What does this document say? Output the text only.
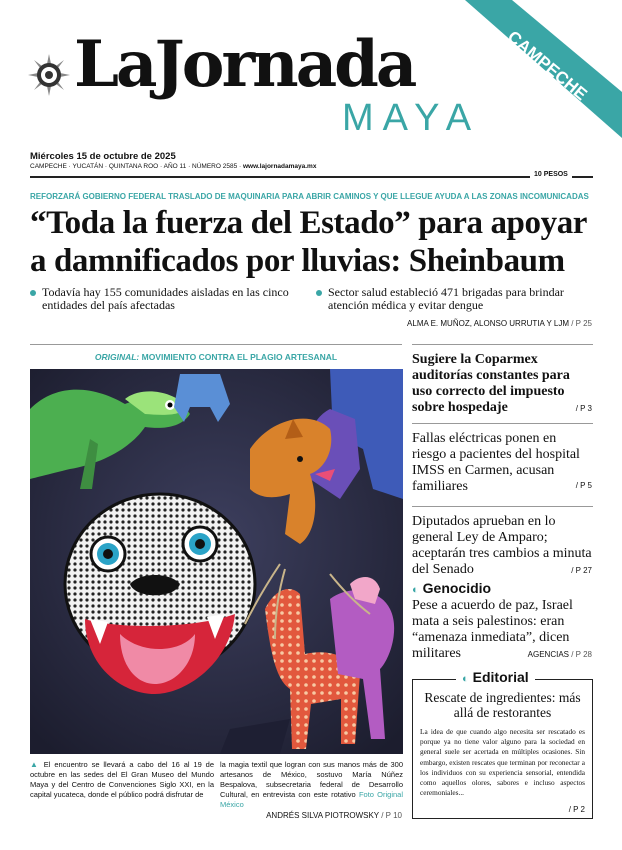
LaJornada
MAYA
CAMPECHE
Miércoles 15 de octubre de 2025
CAMPECHE · YUCATÁN · QUINTANA ROO · AÑO 11 · NÚMERO 2585 · www.lajornadamaya.mx
10 PESOS
REFORZARÁ GOBIERNO FEDERAL TRASLADO DE MAQUINARIA PARA ABRIR CAMINOS Y QUE LLEGUE AYUDA A LAS ZONAS INCOMUNICADAS
“Toda la fuerza del Estado” para apoyar
a damnificados por lluvias: Sheinbaum
Todavía hay 155 comunidades aisladas en las cinco entidades del país afectadas
Sector salud estableció 471 brigadas para brindar atención médica y evitar dengue
ALMA E. MUÑOZ, ALONSO URRUTIA Y LJM / P 25
ORIGINAL: MOVIMIENTO CONTRA EL PLAGIO ARTESANAL
▲ El encuentro se llevará a cabo del 16 al 19 de octubre en las sedes del El Gran Museo del Mundo Maya y del Centro de Convenciones Siglo XXI, en la capital yucateca, donde el público podrá disfrutar de
la magia textil que logran con sus manos más de 300 artesanos de México, sostuvo María Núñez Bespalova, subsecretaria federal de Desarrollo Cultural, en entrevista con este rotativo Foto Original México
ANDRÉS SILVA PIOTROWSKY / P 10
Sugiere la Coparmex auditorías constantes para uso correcto del impuesto sobre hospedaje	/ P 3
Fallas eléctricas ponen en riesgo a pacientes del hospital IMSS en Carmen, acusan familiares	/ P 5
Diputados aprueban en lo general Ley de Amparo; aceptarán tres cambios a minuta del Senado	/ P 27
◐ Genocidio
Pese a acuerdo de paz, Israel mata a seis palestinos: eran “amenaza inmediata”, dicen militares	AGENCIAS / P 28
◐ Editorial
Rescate de ingredientes: más allá de restorantes
La idea de que cuando algo necesita ser rescatado es porque ya no tiene valor alguno para la sociedad en general suele ser acertada en múltiples ocasiones. Sin embargo, existen rescates que terminan por reconectar a los individuos con su experiencia sensorial, entendida como aquellos olores, sabores e incluso aspectos ceremoniales...
/ P 2
